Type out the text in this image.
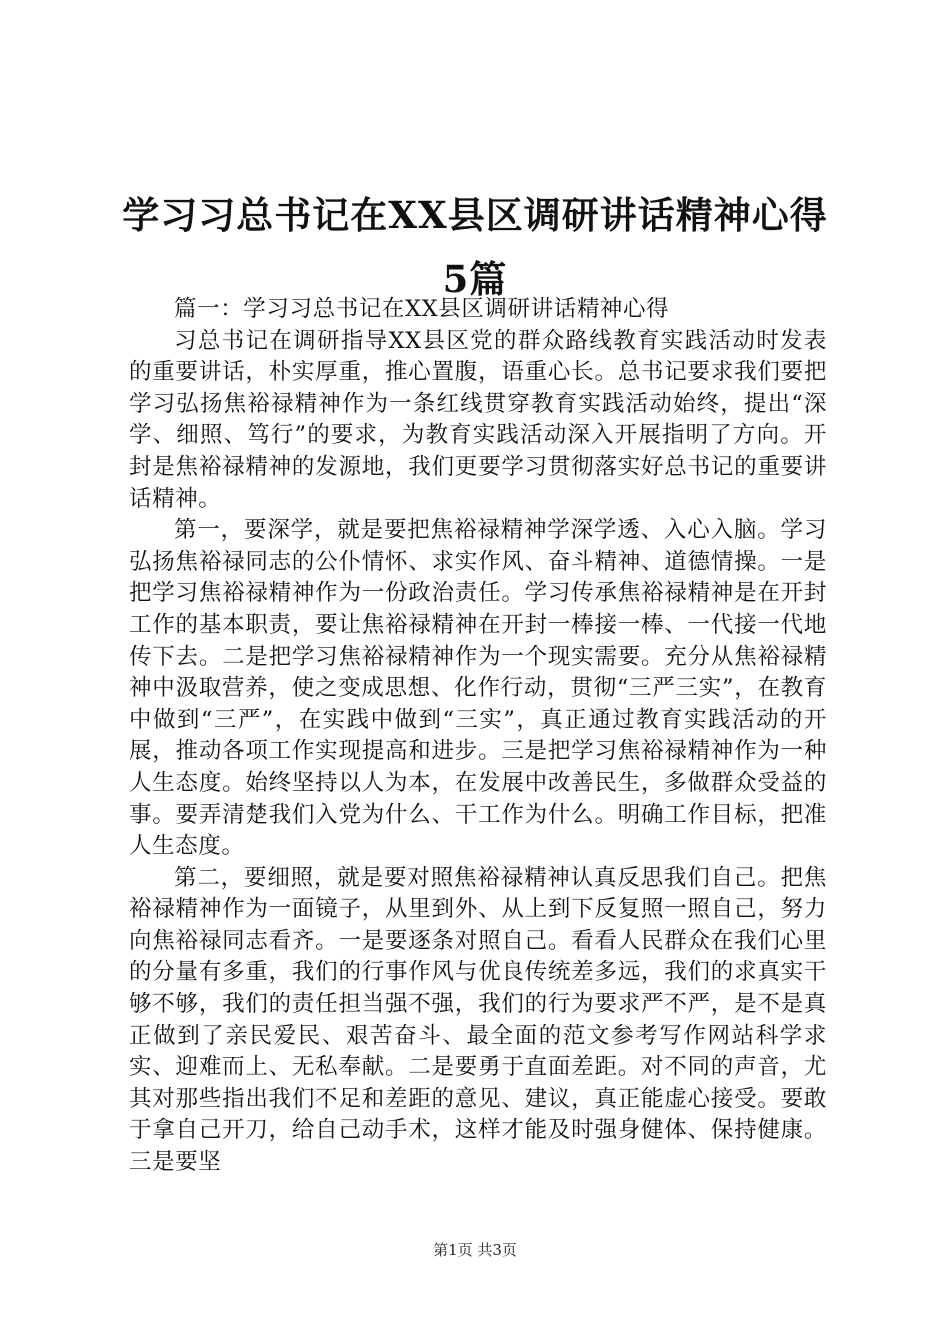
学习习总书记在XX县区调研讲话精神心得5篇

篇一：学习习总书记在XX县区调研讲话精神心得

习总书记在调研指导XX县区党的群众路线教育实践活动时发表的重要讲话，朴实厚重，推心置腹，语重心长。总书记要求我们要把学习弘扬焦裕禄精神作为一条红线贯穿教育实践活动始终，提出“深学、细照、笃行”的要求，为教育实践活动深入开展指明了方向。开封是焦裕禄精神的发源地，我们更要学习贯彻落实好总书记的重要讲话精神。

第一，要深学，就是要把焦裕禄精神学深学透、入心入脑。学习弘扬焦裕禄同志的公仆情怀、求实作风、奋斗精神、道德情操。一是把学习焦裕禄精神作为一份政治责任。学习传承焦裕禄精神是在开封工作的基本职责，要让焦裕禄精神在开封一棒接一棒、一代接一代地传下去。二是把学习焦裕禄精神作为一个现实需要。充分从焦裕禄精神中汲取营养，使之变成思想、化作行动，贯彻“三严三实”，在教育中做到“三严”，在实践中做到“三实”，真正通过教育实践活动的开展，推动各项工作实现提高和进步。三是把学习焦裕禄精神作为一种人生态度。始终坚持以人为本，在发展中改善民生，多做群众受益的事。要弄清楚我们入党为什么、干工作为什么。明确工作目标，把准人生态度。

第二，要细照，就是要对照焦裕禄精神认真反思我们自己。把焦裕禄精神作为一面镜子，从里到外、从上到下反复照一照自己，努力向焦裕禄同志看齐。一是要逐条对照自己。看看人民群众在我们心里的分量有多重，我们的行事作风与优良传统差多远，我们的求真实干够不够，我们的责任担当强不强，我们的行为要求严不严，是不是真正做到了亲民爱民、艰苦奋斗、最全面的范文参考写作网站科学求实、迎难而上、无私奉献。二是要勇于直面差距。对不同的声音，尤其对那些指出我们不足和差距的意见、建议，真正能虚心接受。要敢于拿自己开刀，给自己动手术，这样才能及时强身健体、保持健康。三是要坚

第1页 共3页
